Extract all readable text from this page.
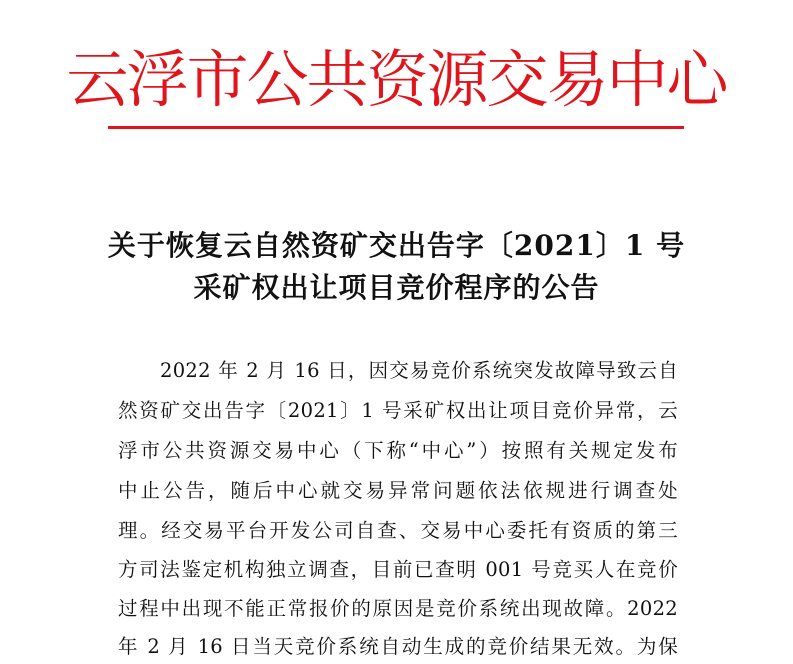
云浮市公共资源交易中心
关于恢复云自然资矿交出告字〔2021〕1 号
采矿权出让项目竞价程序的公告
2022 年 2 月 16 日，因交易竞价系统突发故障导致云自
然资矿交出告字〔2021〕1 号采矿权出让项目竞价异常，云
浮市公共资源交易中心（下称“中心”）按照有关规定发布
中止公告，随后中心就交易异常问题依法依规进行调查处
理。经交易平台开发公司自查、交易中心委托有资质的第三
方司法鉴定机构独立调查，目前已查明 001 号竞买人在竞价
过程中出现不能正常报价的原因是竞价系统出现故障。2022
年 2 月 16 日当天竞价系统自动生成的竞价结果无效。为保
